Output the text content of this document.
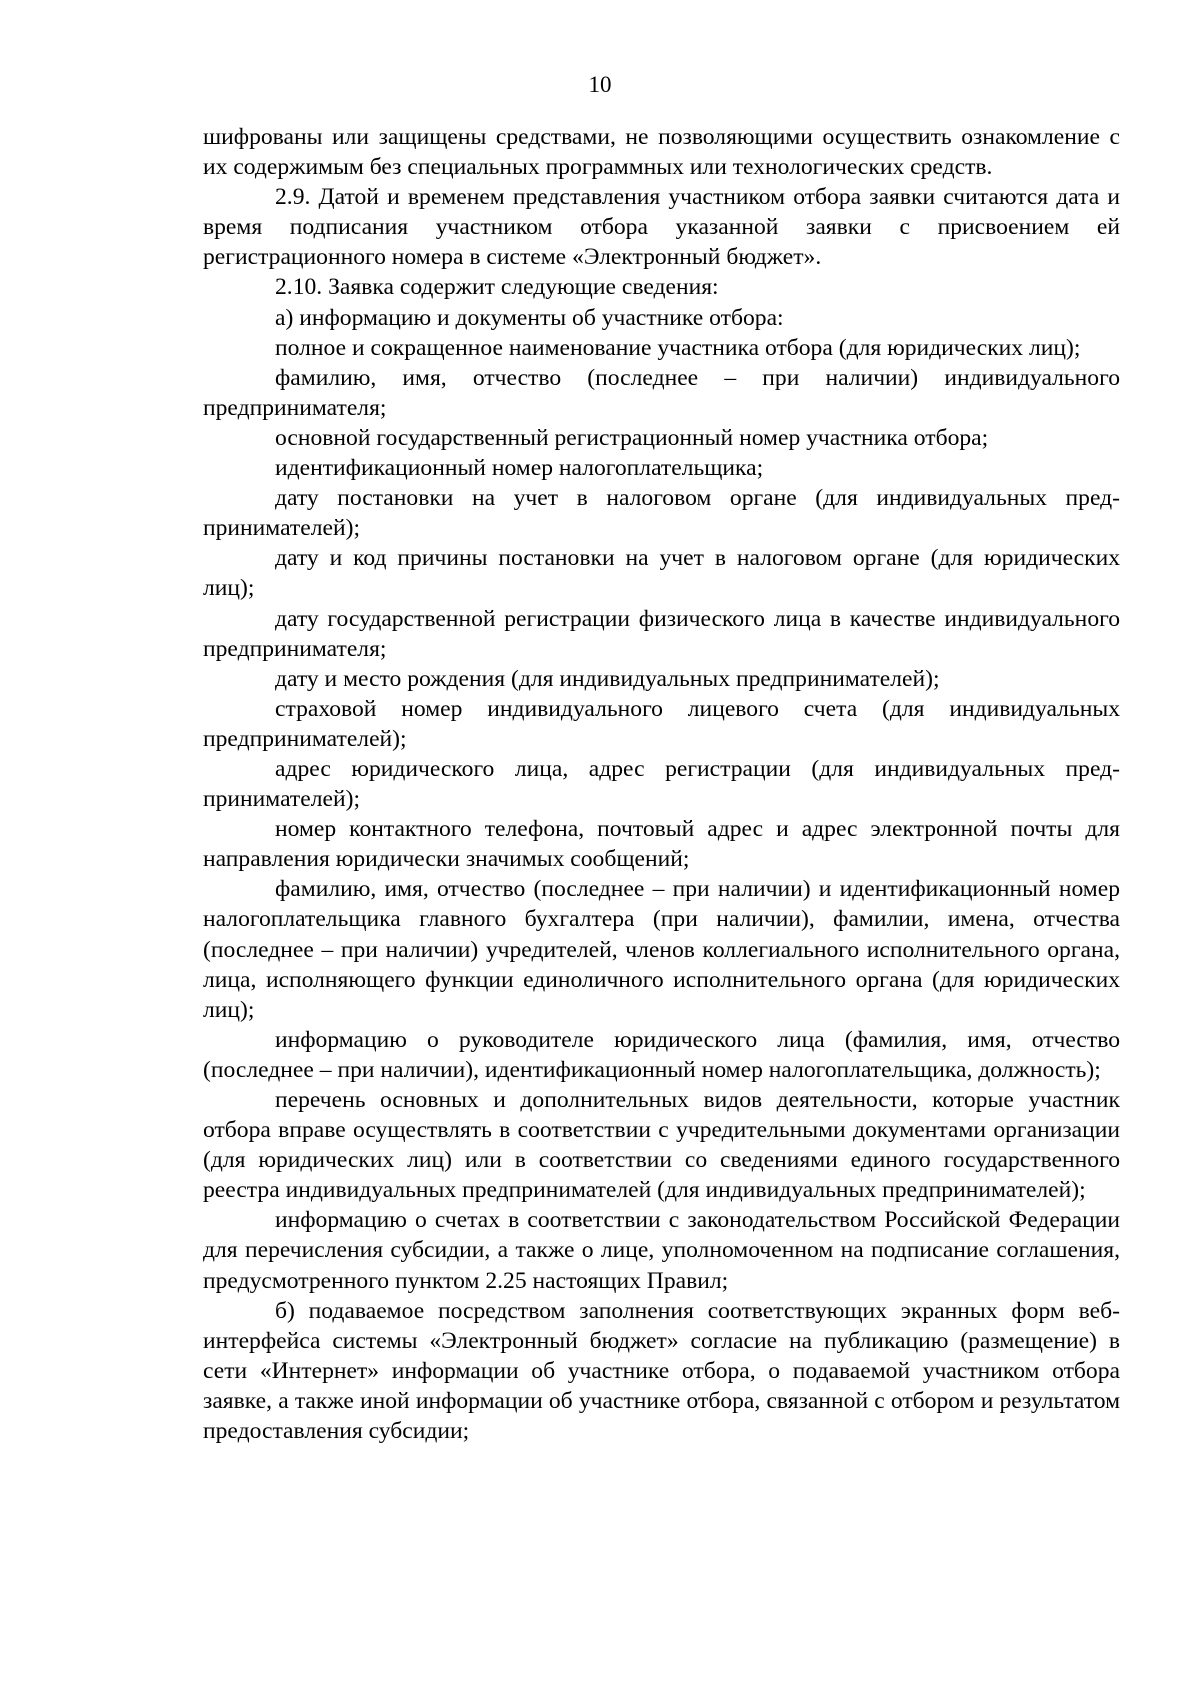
10

шифрованы или защищены средствами, не позволяющими осуществить ознакомление с их содержимым без специальных программных или технологических средств.

2.9. Датой и временем представления участником отбора заявки считаются дата и время подписания участником отбора указанной заявки с присвоением ей регистрационного номера в системе «Электронный бюджет».

2.10. Заявка содержит следующие сведения:

а) информацию и документы об участнике отбора:

полное и сокращенное наименование участника отбора (для юридических лиц);

фамилию, имя, отчество (последнее – при наличии) индивидуального предпринимателя;

основной государственный регистрационный номер участника отбора;

идентификационный номер налогоплательщика;

дату постановки на учет в налоговом органе (для индивидуальных предпринимателей);

дату и код причины постановки на учет в налоговом органе (для юридических лиц);

дату государственной регистрации физического лица в качестве индивидуального предпринимателя;

дату и место рождения (для индивидуальных предпринимателей);

страховой номер индивидуального лицевого счета (для индивидуальных предпринимателей);

адрес юридического лица, адрес регистрации (для индивидуальных предпринимателей);

номер контактного телефона, почтовый адрес и адрес электронной почты для направления юридически значимых сообщений;

фамилию, имя, отчество (последнее – при наличии) и идентификационный номер налогоплательщика главного бухгалтера (при наличии), фамилии, имена, отчества (последнее – при наличии) учредителей, членов коллегиального исполнительного органа, лица, исполняющего функции единоличного исполнительного органа (для юридических лиц);

информацию о руководителе юридического лица (фамилия, имя, отчество (последнее – при наличии), идентификационный номер налогоплательщика, должность);

перечень основных и дополнительных видов деятельности, которые участник отбора вправе осуществлять в соответствии с учредительными документами организации (для юридических лиц) или в соответствии со сведениями единого государственного реестра индивидуальных предпринимателей (для индивидуальных предпринимателей);

информацию о счетах в соответствии с законодательством Российской Федерации для перечисления субсидии, а также о лице, уполномоченном на подписание соглашения, предусмотренного пунктом 2.25 настоящих Правил;

б) подаваемое посредством заполнения соответствующих экранных форм веб-интерфейса системы «Электронный бюджет» согласие на публикацию (размещение) в сети «Интернет» информации об участнике отбора, о подаваемой участником отбора заявке, а также иной информации об участнике отбора, связанной с отбором и результатом предоставления субсидии;
